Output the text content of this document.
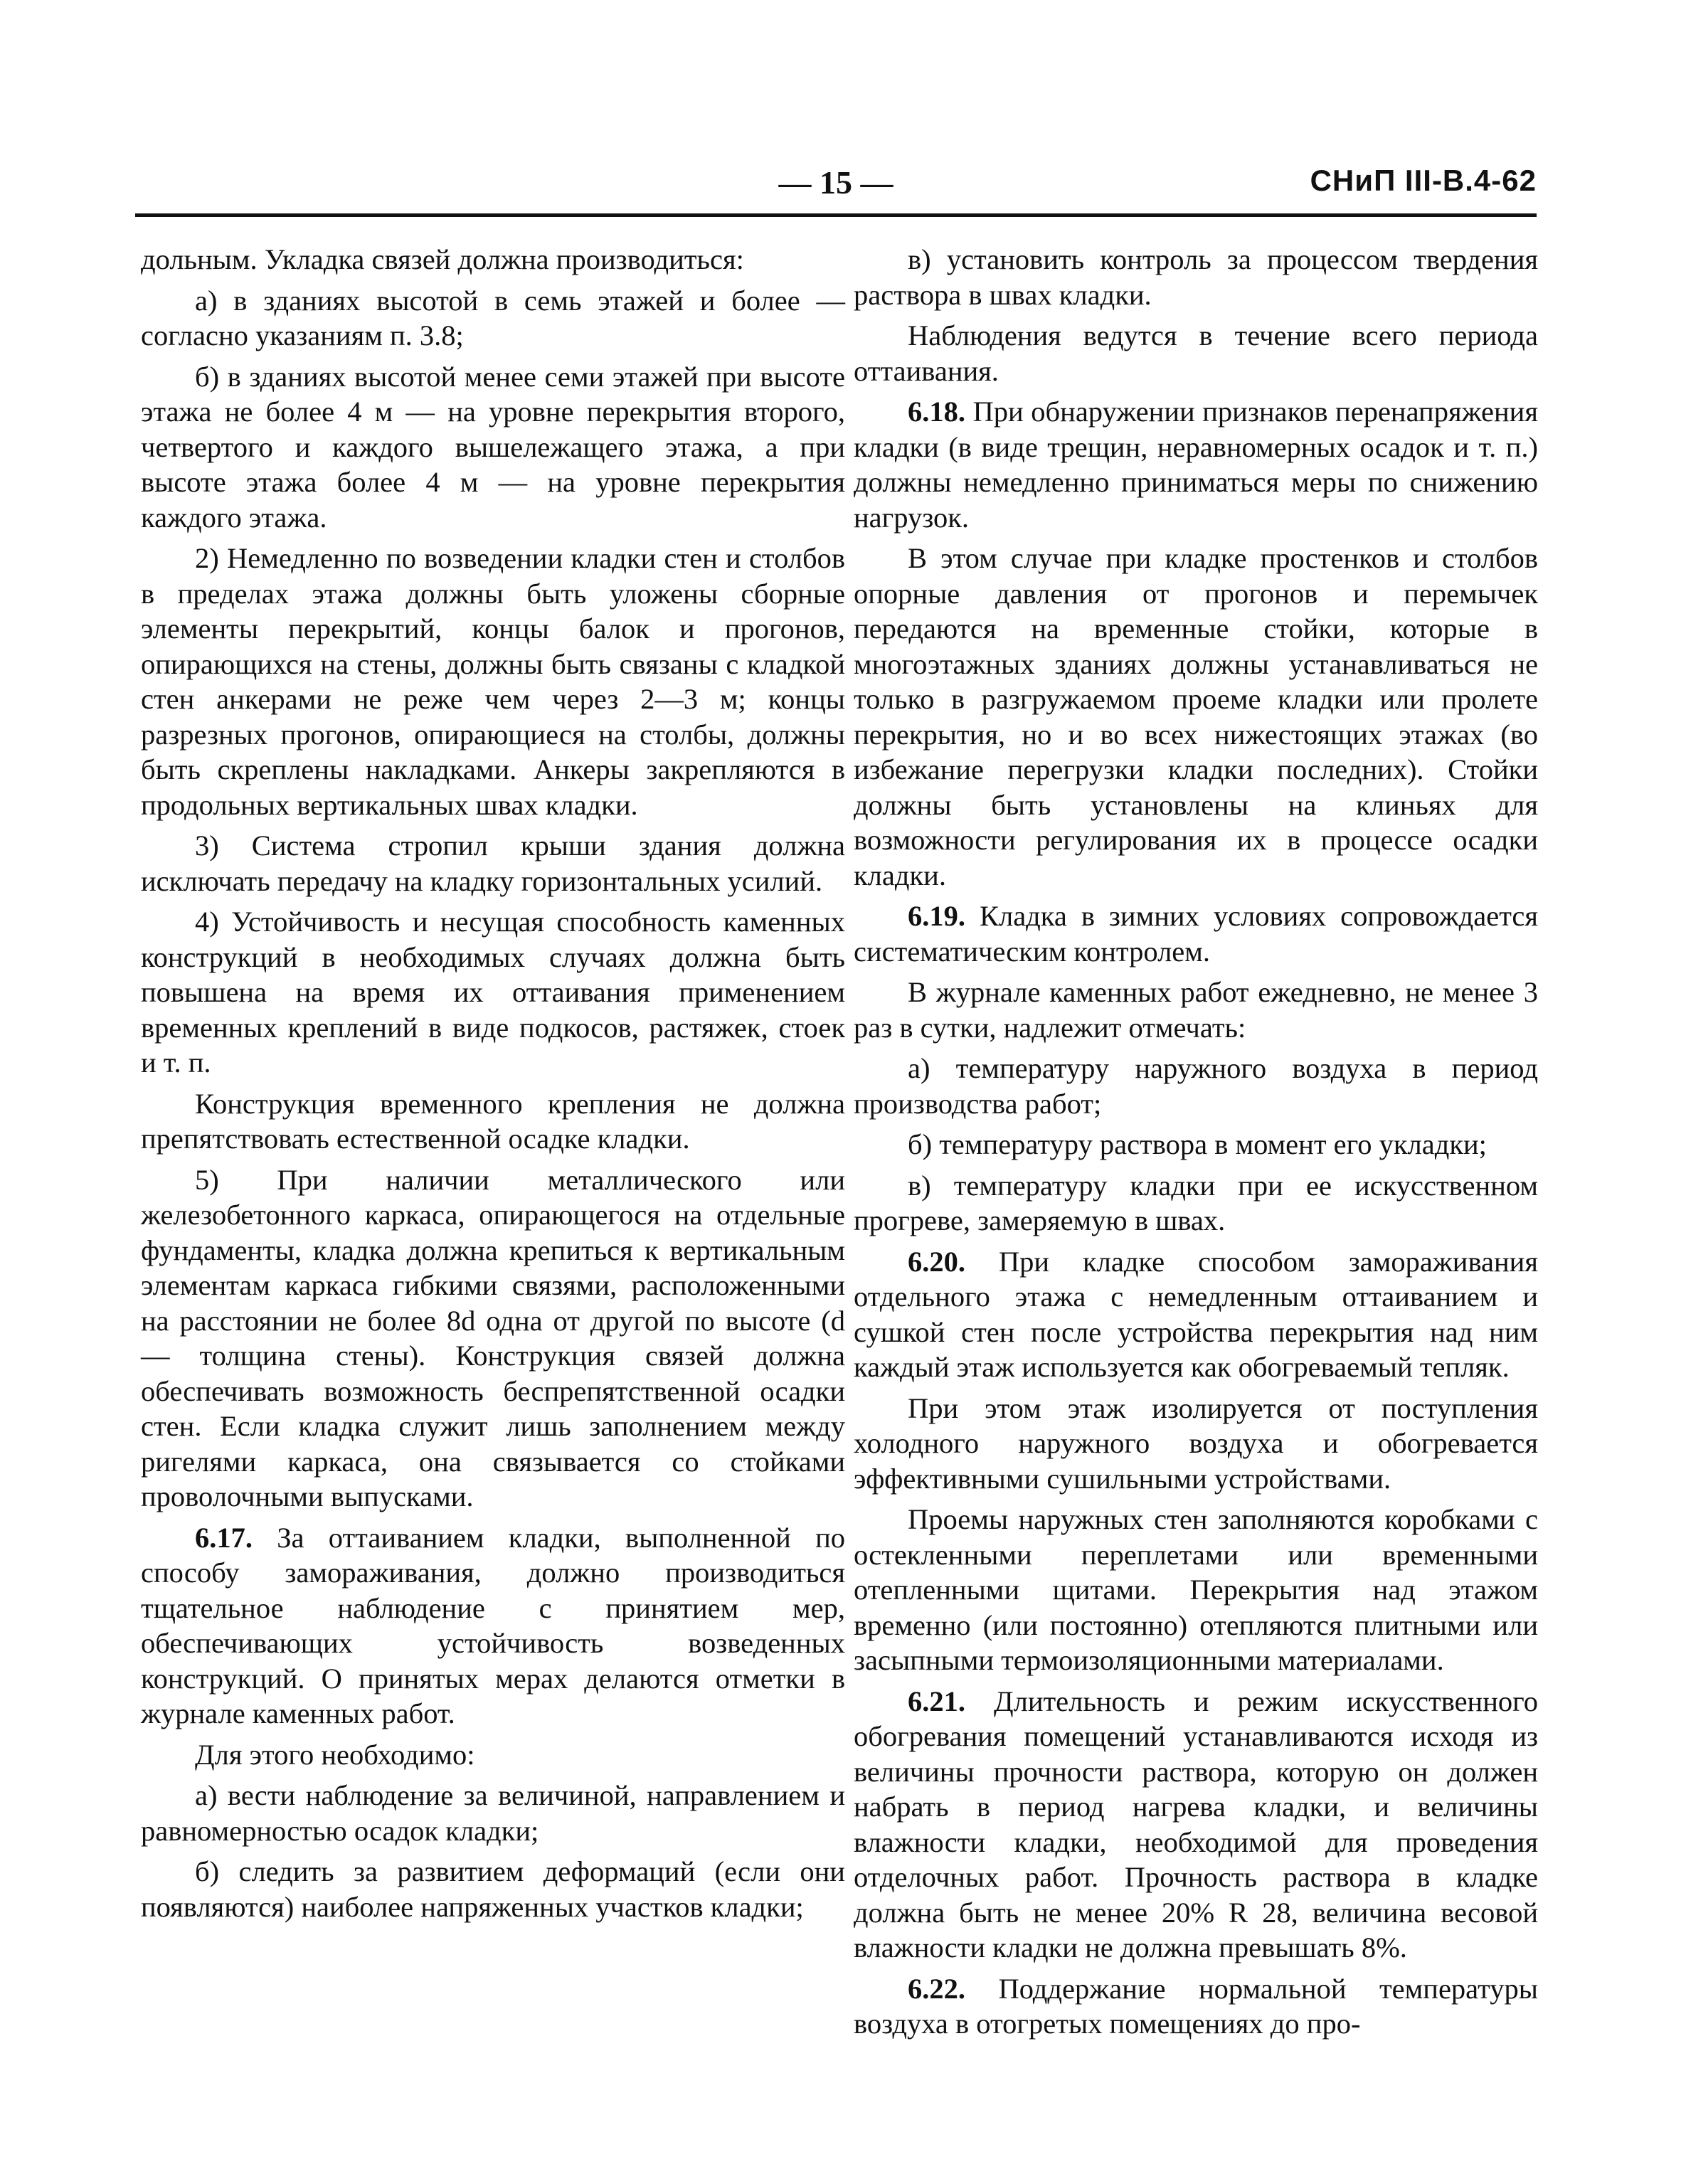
— 15 —	СНиП III-В.4-62

дольным. Укладка связей должна производиться:

а) в зданиях высотой в семь этажей и более — согласно указаниям п. 3.8;

б) в зданиях высотой менее семи этажей при высоте этажа не более 4 м — на уровне перекрытия второго, четвертого и каждого вышележащего этажа, а при высоте этажа более 4 м — на уровне перекрытия каждого этажа.

2) Немедленно по возведении кладки стен и столбов в пределах этажа должны быть уложены сборные элементы перекрытий, концы балок и прогонов, опирающихся на стены, должны быть связаны с кладкой стен анкерами не реже чем через 2—3 м; концы разрезных прогонов, опирающиеся на столбы, должны быть скреплены накладками. Анкеры закрепляются в продольных вертикальных швах кладки.

3) Система стропил крыши здания должна исключать передачу на кладку горизонтальных усилий.

4) Устойчивость и несущая способность каменных конструкций в необходимых случаях должна быть повышена на время их оттаивания применением временных креплений в виде подкосов, растяжек, стоек и т. п.

Конструкция временного крепления не должна препятствовать естественной осадке кладки.

5) При наличии металлического или железобетонного каркаса, опирающегося на отдельные фундаменты, кладка должна крепиться к вертикальным элементам каркаса гибкими связями, расположенными на расстоянии не более 8d одна от другой по высоте (d — толщина стены). Конструкция связей должна обеспечивать возможность беспрепятственной осадки стен. Если кладка служит лишь заполнением между ригелями каркаса, она связывается со стойками проволочными выпусками.

6.17. За оттаиванием кладки, выполненной по способу замораживания, должно производиться тщательное наблюдение с принятием мер, обеспечивающих устойчивость возведенных конструкций. О принятых мерах делаются отметки в журнале каменных работ.

Для этого необходимо:

а) вести наблюдение за величиной, направлением и равномерностью осадок кладки;

б) следить за развитием деформаций (если они появляются) наиболее напряженных участков кладки;

в) установить контроль за процессом твердения раствора в швах кладки.

Наблюдения ведутся в течение всего периода оттаивания.

6.18. При обнаружении признаков перенапряжения кладки (в виде трещин, неравномерных осадок и т. п.) должны немедленно приниматься меры по снижению нагрузок.

В этом случае при кладке простенков и столбов опорные давления от прогонов и перемычек передаются на временные стойки, которые в многоэтажных зданиях должны устанавливаться не только в разгружаемом проеме кладки или пролете перекрытия, но и во всех нижестоящих этажах (во избежание перегрузки кладки последних). Стойки должны быть установлены на клиньях для возможности регулирования их в процессе осадки кладки.

6.19. Кладка в зимних условиях сопровождается систематическим контролем.

В журнале каменных работ ежедневно, не менее 3 раз в сутки, надлежит отмечать:

а) температуру наружного воздуха в период производства работ;

б) температуру раствора в момент его укладки;

в) температуру кладки при ее искусственном прогреве, замеряемую в швах.

6.20. При кладке способом замораживания отдельного этажа с немедленным оттаиванием и сушкой стен после устройства перекрытия над ним каждый этаж используется как обогреваемый тепляк.

При этом этаж изолируется от поступления холодного наружного воздуха и обогревается эффективными сушильными устройствами.

Проемы наружных стен заполняются коробками с остекленными переплетами или временными отепленными щитами. Перекрытия над этажом временно (или постоянно) отепляются плитными или засыпными термоизоляционными материалами.

6.21. Длительность и режим искусственного обогревания помещений устанавливаются исходя из величины прочности раствора, которую он должен набрать в период нагрева кладки, и величины влажности кладки, необходимой для проведения отделочных работ. Прочность раствора в кладке должна быть не менее 20% R 28, величина весовой влажности кладки не должна превышать 8%.

6.22. Поддержание нормальной температуры воздуха в отогретых помещениях до про-
